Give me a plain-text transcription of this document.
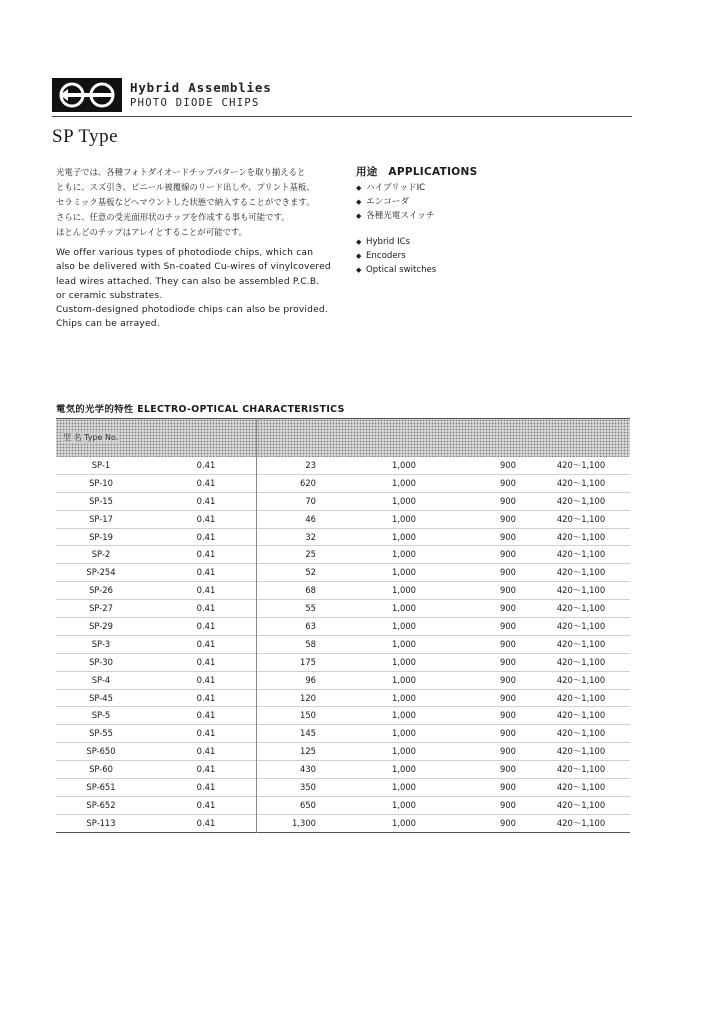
Hybrid Assemblies
PHOTO DIODE CHIPS
SP Type
光電子では、各種フォトダイオードチップパターンを取り揃えると
ともに、スズ引き、ビニール被覆線のリード出しや、プリント基板、
セラミック基板などへマウントした状態で納入することができます。
さらに、任意の受光面形状のチップを作成する事も可能です。
ほとんどのチップはアレイとすることが可能です。
We offer various types of photodiode chips, which can
also be delivered with Sn-coated Cu-wires of vinylcovered
lead wires attached. They can also be assembled P.C.B.
or ceramic substrates.
Custom-designed photodiode chips can also be provided.
Chips can be arrayed.
用途　APPLICATIONS
◆ ハイブリッドIC
◆ エンコーダ
◆ 各種光電スイッチ
◆ Hybrid ICs
◆ Encoders
◆ Optical switches
電気的光学的特性 ELECTRO-OPTICAL CHARACTERISTICS
型 名 Type No.
SP-1	0.41	23	1,000	900	420〜1,100
SP-10	0.41	620	1,000	900	420〜1,100
SP-15	0.41	70	1,000	900	420〜1,100
SP-17	0.41	46	1,000	900	420〜1,100
SP-19	0.41	32	1,000	900	420〜1,100
SP-2	0.41	25	1,000	900	420〜1,100
SP-254	0.41	52	1,000	900	420〜1,100
SP-26	0.41	68	1,000	900	420〜1,100
SP-27	0.41	55	1,000	900	420〜1,100
SP-29	0.41	63	1,000	900	420〜1,100
SP-3	0.41	58	1,000	900	420〜1,100
SP-30	0.41	175	1,000	900	420〜1,100
SP-4	0.41	96	1,000	900	420〜1,100
SP-45	0.41	120	1,000	900	420〜1,100
SP-5	0.41	150	1,000	900	420〜1,100
SP-55	0.41	145	1,000	900	420〜1,100
SP-650	0.41	125	1,000	900	420〜1,100
SP-60	0.41	430	1,000	900	420〜1,100
SP-651	0.41	350	1,000	900	420〜1,100
SP-652	0.41	650	1,000	900	420〜1,100
SP-113	0.41	1,300	1,000	900	420〜1,100
